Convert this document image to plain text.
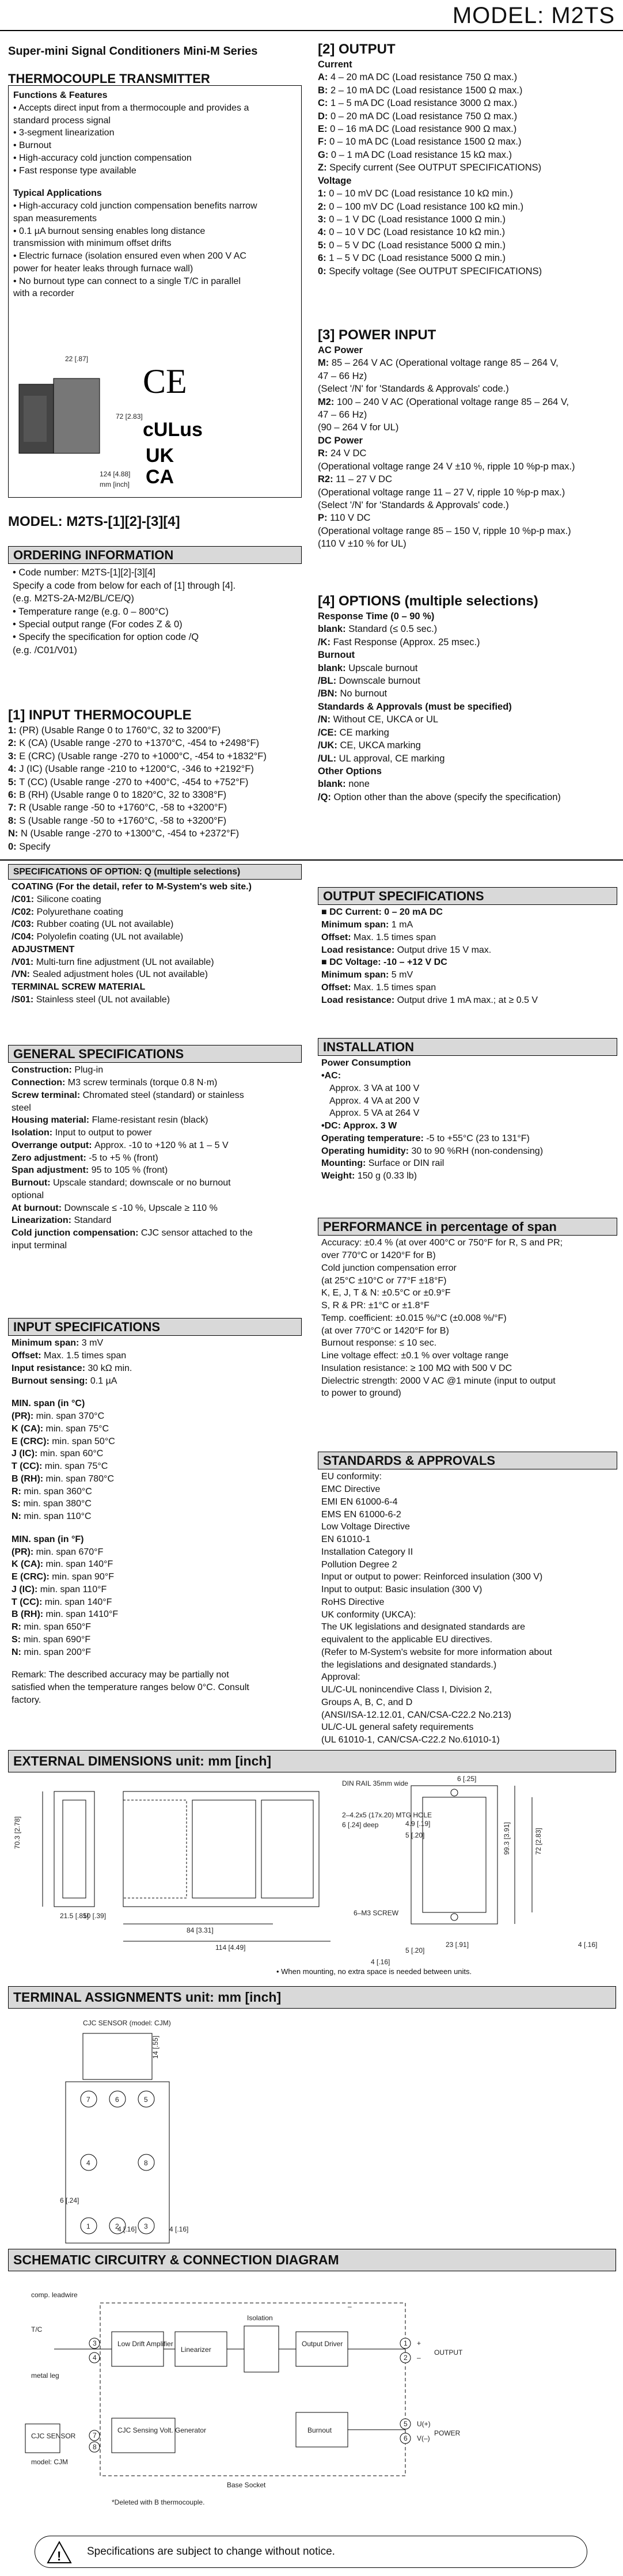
MODEL: M2TS
Super-mini Signal Conditioners Mini-M Series
THERMOCOUPLE TRANSMITTER
Functions & Features
• Accepts direct input from a thermocouple and provides a
standard process signal
• 3-segment linearization
• Burnout
• High-accuracy cold junction compensation
• Fast response type available
Typical Applications
• High-accuracy cold junction compensation benefits narrow
span measurements
• 0.1 µA burnout sensing enables long distance
transmission with minimum offset drifts
• Electric furnace (isolation ensured even when 200 V AC
power for heater leaks through furnace wall)
• No burnout type can connect to a single T/C in parallel
with a recorder
22 [.87]
72 [2.83]
124 [4.88]
mm [inch]
CE
cULus
UK
CA
MODEL: M2TS-[1][2]-[3][4]
ORDERING INFORMATION
• Code number: M2TS-[1][2]-[3][4]
Specify a code from below for each of [1] through [4].
(e.g. M2TS-2A-M2/BL/CE/Q)
• Temperature range (e.g. 0 – 800°C)
• Special output range (For codes Z & 0)
• Specify the specification for option code /Q
(e.g. /C01/V01)
[1] INPUT THERMOCOUPLE
1: (PR) (Usable Range 0 to 1760°C, 32 to 3200°F)
2: K (CA) (Usable range -270 to +1370°C, -454 to +2498°F)
3: E (CRC) (Usable range -270 to +1000°C, -454 to +1832°F)
4: J (IC) (Usable range -210 to +1200°C, -346 to +2192°F)
5: T (CC) (Usable range -270 to +400°C, -454 to +752°F)
6: B (RH) (Usable range 0 to 1820°C, 32 to 3308°F)
7: R (Usable range -50 to +1760°C, -58 to +3200°F)
8: S (Usable range -50 to +1760°C, -58 to +3200°F)
N: N (Usable range -270 to +1300°C, -454 to +2372°F)
0: Specify
[2] OUTPUT
Current
A: 4 – 20 mA DC (Load resistance 750 Ω max.)
B: 2 – 10 mA DC (Load resistance 1500 Ω max.)
C: 1 – 5 mA DC (Load resistance 3000 Ω max.)
D: 0 – 20 mA DC (Load resistance 750 Ω max.)
E: 0 – 16 mA DC (Load resistance 900 Ω max.)
F: 0 – 10 mA DC (Load resistance 1500 Ω max.)
G: 0 – 1 mA DC (Load resistance 15 kΩ max.)
Z: Specify current (See OUTPUT SPECIFICATIONS)
Voltage
1: 0 – 10 mV DC (Load resistance 10 kΩ min.)
2: 0 – 100 mV DC (Load resistance 100 kΩ min.)
3: 0 – 1 V DC (Load resistance 1000 Ω min.)
4: 0 – 10 V DC (Load resistance 10 kΩ min.)
5: 0 – 5 V DC (Load resistance 5000 Ω min.)
6: 1 – 5 V DC (Load resistance 5000 Ω min.)
0: Specify voltage (See OUTPUT SPECIFICATIONS)
[3] POWER INPUT
AC Power
M: 85 – 264 V AC (Operational voltage range 85 – 264 V,
47 – 66 Hz)
(Select '/N' for 'Standards & Approvals' code.)
M2: 100 – 240 V AC (Operational voltage range 85 – 264 V,
47 – 66 Hz)
(90 – 264 V for UL)
DC Power
R: 24 V DC
(Operational voltage range 24 V ±10 %, ripple 10 %p-p max.)
R2: 11 – 27 V DC
(Operational voltage range 11 – 27 V, ripple 10 %p-p max.)
(Select '/N' for 'Standards & Approvals' code.)
P: 110 V DC
(Operational voltage range 85 – 150 V, ripple 10 %p-p max.)
(110 V ±10 % for UL)
[4] OPTIONS (multiple selections)
Response Time (0 – 90 %)
blank: Standard (≤ 0.5 sec.)
/K: Fast Response (Approx. 25 msec.)
Burnout
blank: Upscale burnout
/BL: Downscale burnout
/BN: No burnout
Standards & Approvals (must be specified)
/N: Without CE, UKCA or UL
/CE: CE marking
/UK: CE, UKCA marking
/UL: UL approval, CE marking
Other Options
blank: none
/Q: Option other than the above (specify the specification)
SPECIFICATIONS OF OPTION: Q (multiple selections)
COATING (For the detail, refer to M-System's web site.)
/C01: Silicone coating
/C02: Polyurethane coating
/C03: Rubber coating (UL not available)
/C04: Polyolefin coating (UL not available)
ADJUSTMENT
/V01: Multi-turn fine adjustment (UL not available)
/VN: Sealed adjustment holes (UL not available)
TERMINAL SCREW MATERIAL
/S01: Stainless steel (UL not available)
GENERAL SPECIFICATIONS
Construction: Plug-in
Connection: M3 screw terminals (torque 0.8 N·m)
Screw terminal: Chromated steel (standard) or stainless
steel
Housing material: Flame-resistant resin (black)
Isolation: Input to output to power
Overrange output: Approx. -10 to +120 % at 1 – 5 V
Zero adjustment: -5 to +5 % (front)
Span adjustment: 95 to 105 % (front)
Burnout: Upscale standard; downscale or no burnout
optional
At burnout: Downscale ≤ -10 %, Upscale ≥ 110 %
Linearization: Standard
Cold junction compensation: CJC sensor attached to the
input terminal
INPUT SPECIFICATIONS
Minimum span: 3 mV
Offset: Max. 1.5 times span
Input resistance: 30 kΩ min.
Burnout sensing: 0.1 µA
MIN. span (in °C)
(PR): min. span 370°C
K (CA): min. span 75°C
E (CRC): min. span 50°C
J (IC): min. span 60°C
T (CC): min. span 75°C
B (RH): min. span 780°C
R: min. span 360°C
S: min. span 380°C
N: min. span 110°C
MIN. span (in °F)
(PR): min. span 670°F
K (CA): min. span 140°F
E (CRC): min. span 90°F
J (IC): min. span 110°F
T (CC): min. span 140°F
B (RH): min. span 1410°F
R: min. span 650°F
S: min. span 690°F
N: min. span 200°F
Remark: The described accuracy may be partially not
satisfied when the temperature ranges below 0°C. Consult
factory.
OUTPUT SPECIFICATIONS
■ DC Current: 0 – 20 mA DC
Minimum span: 1 mA
Offset: Max. 1.5 times span
Load resistance: Output drive 15 V max.
■ DC Voltage: -10 – +12 V DC
Minimum span: 5 mV
Offset: Max. 1.5 times span
Load resistance: Output drive 1 mA max.; at ≥ 0.5 V
INSTALLATION
Power Consumption
•AC:
Approx. 3 VA at 100 V
Approx. 4 VA at 200 V
Approx. 5 VA at 264 V
•DC: Approx. 3 W
Operating temperature: -5 to +55°C (23 to 131°F)
Operating humidity: 30 to 90 %RH (non-condensing)
Mounting: Surface or DIN rail
Weight: 150 g (0.33 lb)
PERFORMANCE in percentage of span
Accuracy: ±0.4 % (at over 400°C or 750°F for R, S and PR;
over 770°C or 1420°F for B)
Cold junction compensation error
(at 25°C ±10°C or 77°F ±18°F)
K, E, J, T & N: ±0.5°C or ±0.9°F
S, R & PR: ±1°C or ±1.8°F
Temp. coefficient: ±0.015 %/°C (±0.008 %/°F)
(at over 770°C or 1420°F for B)
Burnout response: ≤ 10 sec.
Line voltage effect: ±0.1 % over voltage range
Insulation resistance: ≥ 100 MΩ with 500 V DC
Dielectric strength: 2000 V AC @1 minute (input to output
to power to ground)
STANDARDS & APPROVALS
EU conformity:
EMC Directive
EMI EN 61000-6-4
EMS EN 61000-6-2
Low Voltage Directive
EN 61010-1
Installation Category II
Pollution Degree 2
Input or output to power: Reinforced insulation (300 V)
Input to output: Basic insulation (300 V)
RoHS Directive
UK conformity (UKCA):
The UK legislations and designated standards are
equivalent to the applicable EU directives.
(Refer to M-System's website for more information about
the legislations and designated standards.)
Approval:
UL/C-UL nonincendive Class I, Division 2,
Groups A, B, C, and D
(ANSI/ISA-12.12.01, CAN/CSA-C22.2 No.213)
UL/C-UL general safety requirements
(UL 61010-1, CAN/CSA-C22.2 No.61010-1)
EXTERNAL DIMENSIONS unit: mm [inch]
70.3 [2.78]
21.5 [.85]
10 [.39]
84 [3.31]
114 [4.49]
DIN RAIL 35mm wide
2–4.2x5 (17x.20) MTG HOLE
6 [.24] deep
6 [.25]
99.3 [3.91]	72 [2.83]
4.9 [.19]
5 [.20]
6–M3 SCREW
4 [.16]
23 [.91]
5 [.20]
4 [.16]
• When mounting, no extra space is needed between units.
TERMINAL ASSIGNMENTS unit: mm [inch]
CJC SENSOR (model: CJM)
7	6	5
1	2	3
4	8
14 [.55]
6 [.24]
4 [.16]	4 [.16]
SCHEMATIC CIRCUITRY & CONNECTION DIAGRAM
comp. leadwire
T/C
metal leg
CJC SENSOR
model: CJM
Low Drift Amplifier
Linearizer
Isolation
Output Driver
CJC Sensing Volt. Generator	Burnout
OUTPUT
POWER
Base Socket
*Deleted with B thermocouple.
1
2
3
4
5
6
7
8
+
–
U(+)
V(–)
–
! Specifications are subject to change without notice.
